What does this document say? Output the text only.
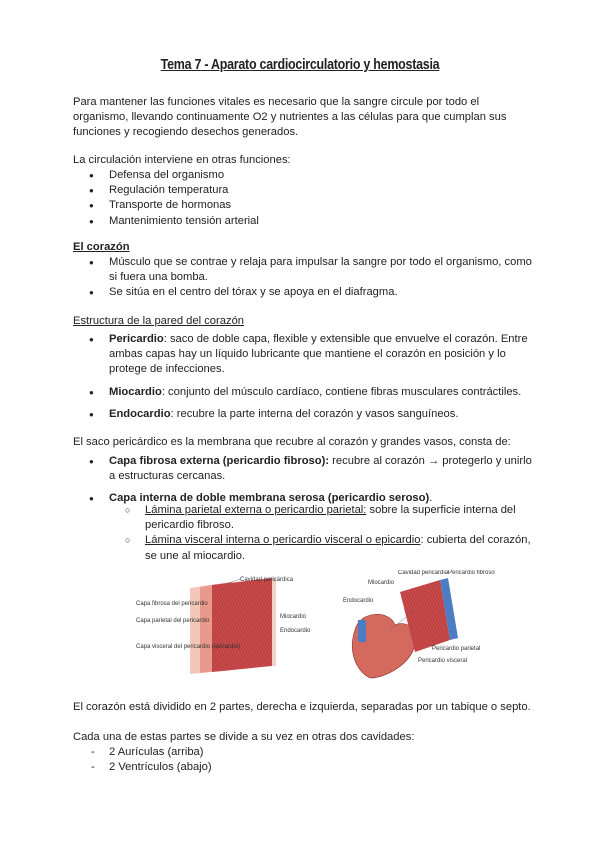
Tema 7 - Aparato cardiocirculatorio y hemostasia
Para mantener las funciones vitales es necesario que la sangre circule por todo el organismo, llevando continuamente O2 y nutrientes a las células para que cumplan sus funciones y recogiendo desechos generados.
La circulación interviene en otras funciones:
● Defensa del organismo
● Regulación temperatura
● Transporte de hormonas
● Mantenimiento tensión arterial
El corazón
● Músculo que se contrae y relaja para impulsar la sangre por todo el organismo, como si fuera una bomba.
● Se sitúa en el centro del tórax y se apoya en el diafragma.
Estructura de la pared del corazón
● Pericardio: saco de doble capa, flexible y extensible que envuelve el corazón. Entre ambas capas hay un líquido lubricante que mantiene el corazón en posición y lo protege de infecciones.
● Miocardio: conjunto del músculo cardíaco, contiene fibras musculares contráctiles.
● Endocardio: recubre la parte interna del corazón y vasos sanguíneos.
El saco pericárdico es la membrana que recubre al corazón y grandes vasos, consta de:
● Capa fibrosa externa (pericardio fibroso): recubre al corazón → protegerlo y unirlo a estructuras cercanas.
● Capa interna de doble membrana serosa (pericardio seroso).
○ Lámina parietal externa o pericardio parietal: sobre la superficie interna del pericardio fibroso.
○ Lámina visceral interna o pericardio visceral o epicardio: cubierta del corazón, se une al miocardio.
Cavidad pericárdica
Capa fibrosa del pericardio
Capa parietal del pericardio
Miocardio
Endocardio
Capa visceral del pericardio (epicardio)
Cavidad pericardial
Pericardio fibroso
Miocardio
Endocardio
Pericardio parietal
Pericardio visceral
El corazón está dividido en 2 partes, derecha e izquierda, separadas por un tabique o septo.
Cada una de estas partes se divide a su vez en otras dos cavidades:
- 2 Aurículas (arriba)
- 2 Ventrículos (abajo)
